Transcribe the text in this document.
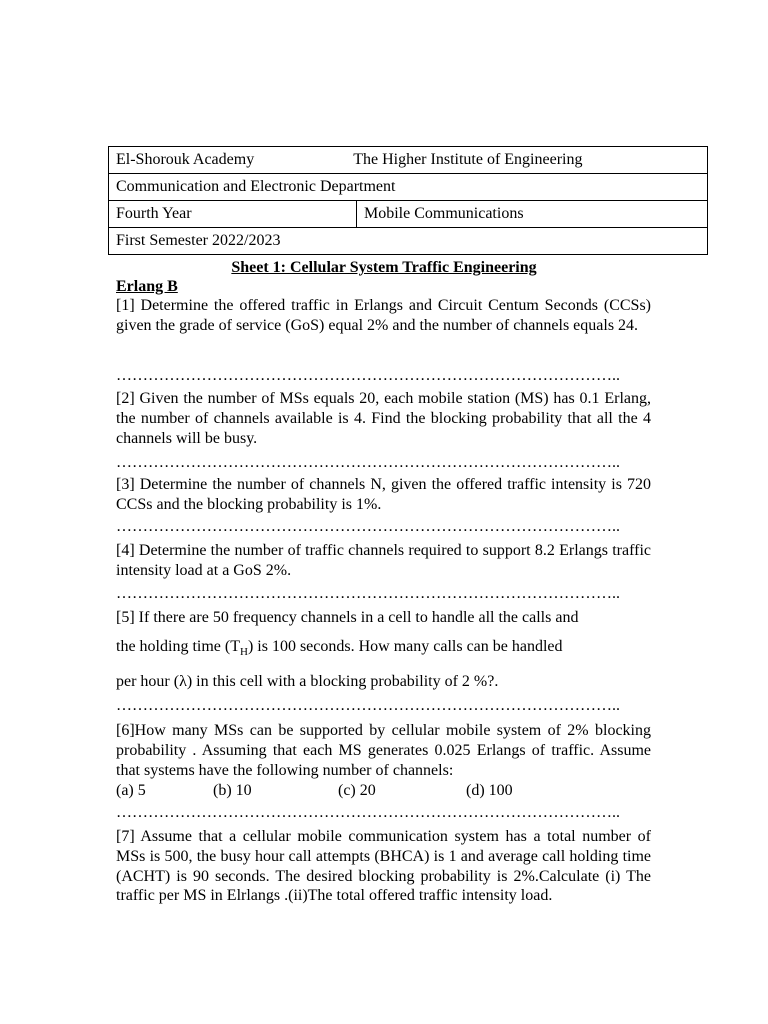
El-Shorouk Academy	The Higher Institute of Engineering
Communication and Electronic Department
Fourth Year	Mobile Communications
First Semester 2022/2023
Sheet 1: Cellular System Traffic Engineering
Erlang B
[1] Determine the offered traffic in Erlangs and Circuit Centum Seconds (CCSs) given the grade of service (GoS) equal 2% and the number of channels equals 24.
…………………………………………………………………………………..
[2] Given the number of MSs equals 20, each mobile station (MS) has 0.1 Erlang, the number of channels available is 4. Find the blocking probability that all the 4 channels will be busy.
…………………………………………………………………………………..
[3] Determine the number of channels N, given the offered traffic intensity is 720 CCSs and the blocking probability is 1%.
…………………………………………………………………………………..
[4] Determine the number of traffic channels required to support 8.2 Erlangs traffic intensity load at a GoS 2%.
…………………………………………………………………………………..
[5] If there are 50 frequency channels in a cell to handle all the calls and
the holding time $(T_H)$ is 100 seconds. How many calls can be handled
per hour (λ) in this cell with a blocking probability of 2 %?.
…………………………………………………………………………………..
[6]How many MSs can be supported by cellular mobile system of 2% blocking probability . Assuming that each MS generates 0.025 Erlangs of traffic. Assume that systems have the following number of channels:
(a) 5	(b) 10	(c) 20	(d) 100
…………………………………………………………………………………..
[7] Assume that a cellular mobile communication system has a total number of MSs is 500, the busy hour call attempts (BHCA) is 1 and average call holding time (ACHT) is 90 seconds. The desired blocking probability is 2%.Calculate (i) The traffic per MS in Elrlangs .(ii)The total offered traffic intensity load.
